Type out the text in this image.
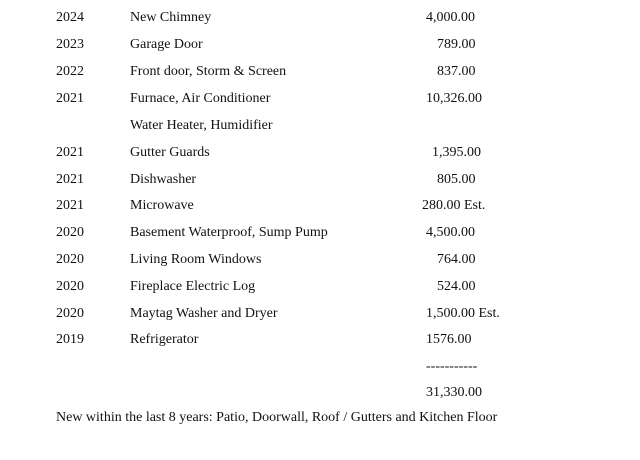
2024	New Chimney	4,000.00
2023	Garage Door	789.00
2022	Front door, Storm & Screen	837.00
2021	Furnace, Air Conditioner	10,326.00
Water Heater, Humidifier
2021	Gutter Guards	1,395.00
2021	Dishwasher	805.00
2021	Microwave	280.00 Est.
2020	Basement Waterproof, Sump Pump	4,500.00
2020	Living Room Windows	764.00
2020	Fireplace Electric Log	524.00
2020	Maytag Washer and Dryer	1,500.00 Est.
2019	Refrigerator	1576.00
-----------
31,330.00
New within the last 8 years: Patio, Doorwall, Roof / Gutters and Kitchen Floor
